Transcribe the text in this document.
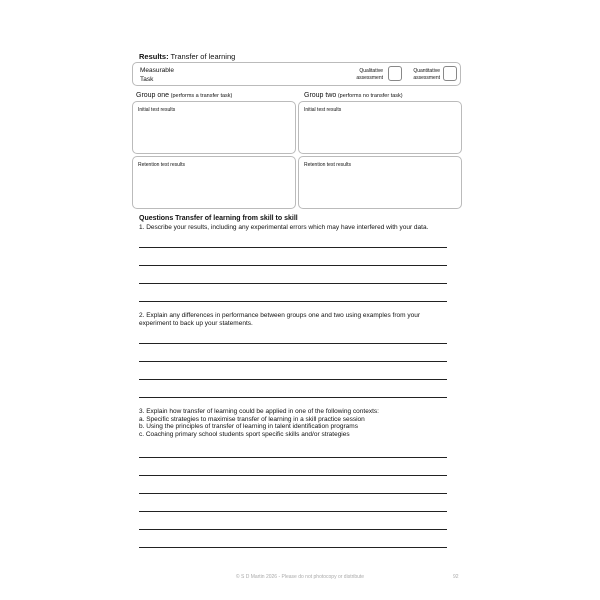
Results: Transfer of learning
Measurable
Task
Qualitative
assessment
Quantitative
assessment
Group one (performs a transfer task)	Group two (performs no transfer task)
Initial test results	Initial test results
Retention test results	Retention test results
Questions Transfer of learning from skill to skill
1. Describe your results, including any experimental errors which may have interfered with your data.
2. Explain any differences in performance between groups one and two using examples from your
experiment to back up your statements.
3. Explain how transfer of learning could be applied in one of the following contexts:
a. Specific strategies to maximise transfer of learning in a skill practice session
b. Using the principles of transfer of learning in talent identification programs
c. Coaching primary school students sport specific skills and/or strategies
© S D Martin 2026 - Please do not photocopy or distribute	92
